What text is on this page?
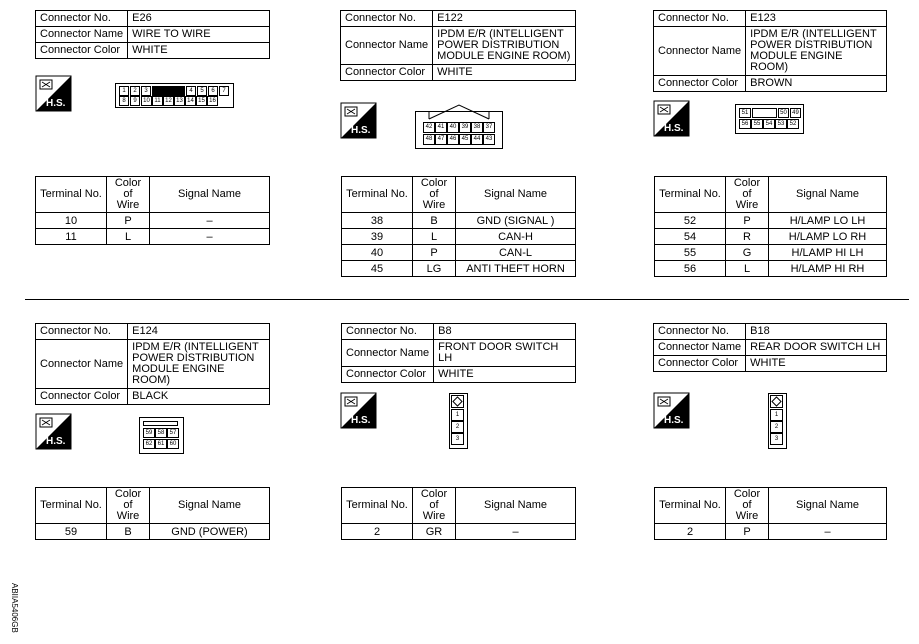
Connector No.	E26
Connector Name	WIRE TO WIRE
Connector Color	WHITE
H.S.
1	2	3	4	5	6	7
8	9	10 11 12 13 14 15 16
Terminal No.	Color of
Wire	Signal Name
10	P	–
11	L	–
Connector No.	E122
Connector Name	IPDM E/R (INTELLIGENT POWER DISTRIBUTION MODULE ENGINE ROOM)
Connector Color	WHITE
H.S.	42 41 40 39 38 37
48 47 46 45 44 43
Terminal No.	Color of
Wire	Signal Name
38	B	GND (SIGNAL )
39	L	CAN-H
40	P	CAN-L
45	LG	ANTI THEFT HORN
Connector No.	E123
Connector Name	IPDM E/R (INTELLIGENT POWER DISTRIBUTION MODULE ENGINE ROOM)
Connector Color	BROWN
H.S.
51	50 49
56 55 54 53 52
Terminal No.	Color of
Wire	Signal Name
52	P	H/LAMP LO LH
54	R	H/LAMP LO RH
55	G	H/LAMP HI LH
56	L	H/LAMP HI RH
Connector No.	E124
Connector Name	IPDM E/R (INTELLIGENT POWER DISTRIBUTION MODULE ENGINE ROOM)
Connector Color	BLACK
H.S.
59 58 57
62 61 60
Terminal No.	Color of
Wire	Signal Name
59	B	GND (POWER)
Connector No.	B8
Connector Name	FRONT DOOR SWITCH LH
Connector Color	WHITE
H.S.	1
2
3
Terminal No.	Color of
Wire	Signal Name
2	GR	–
Connector No.	B18
Connector Name	REAR DOOR SWITCH LH
Connector Color	WHITE
H.S.	1
2
3
Terminal No.	Color of
Wire	Signal Name
2	P	–
ABIIA5406GB
